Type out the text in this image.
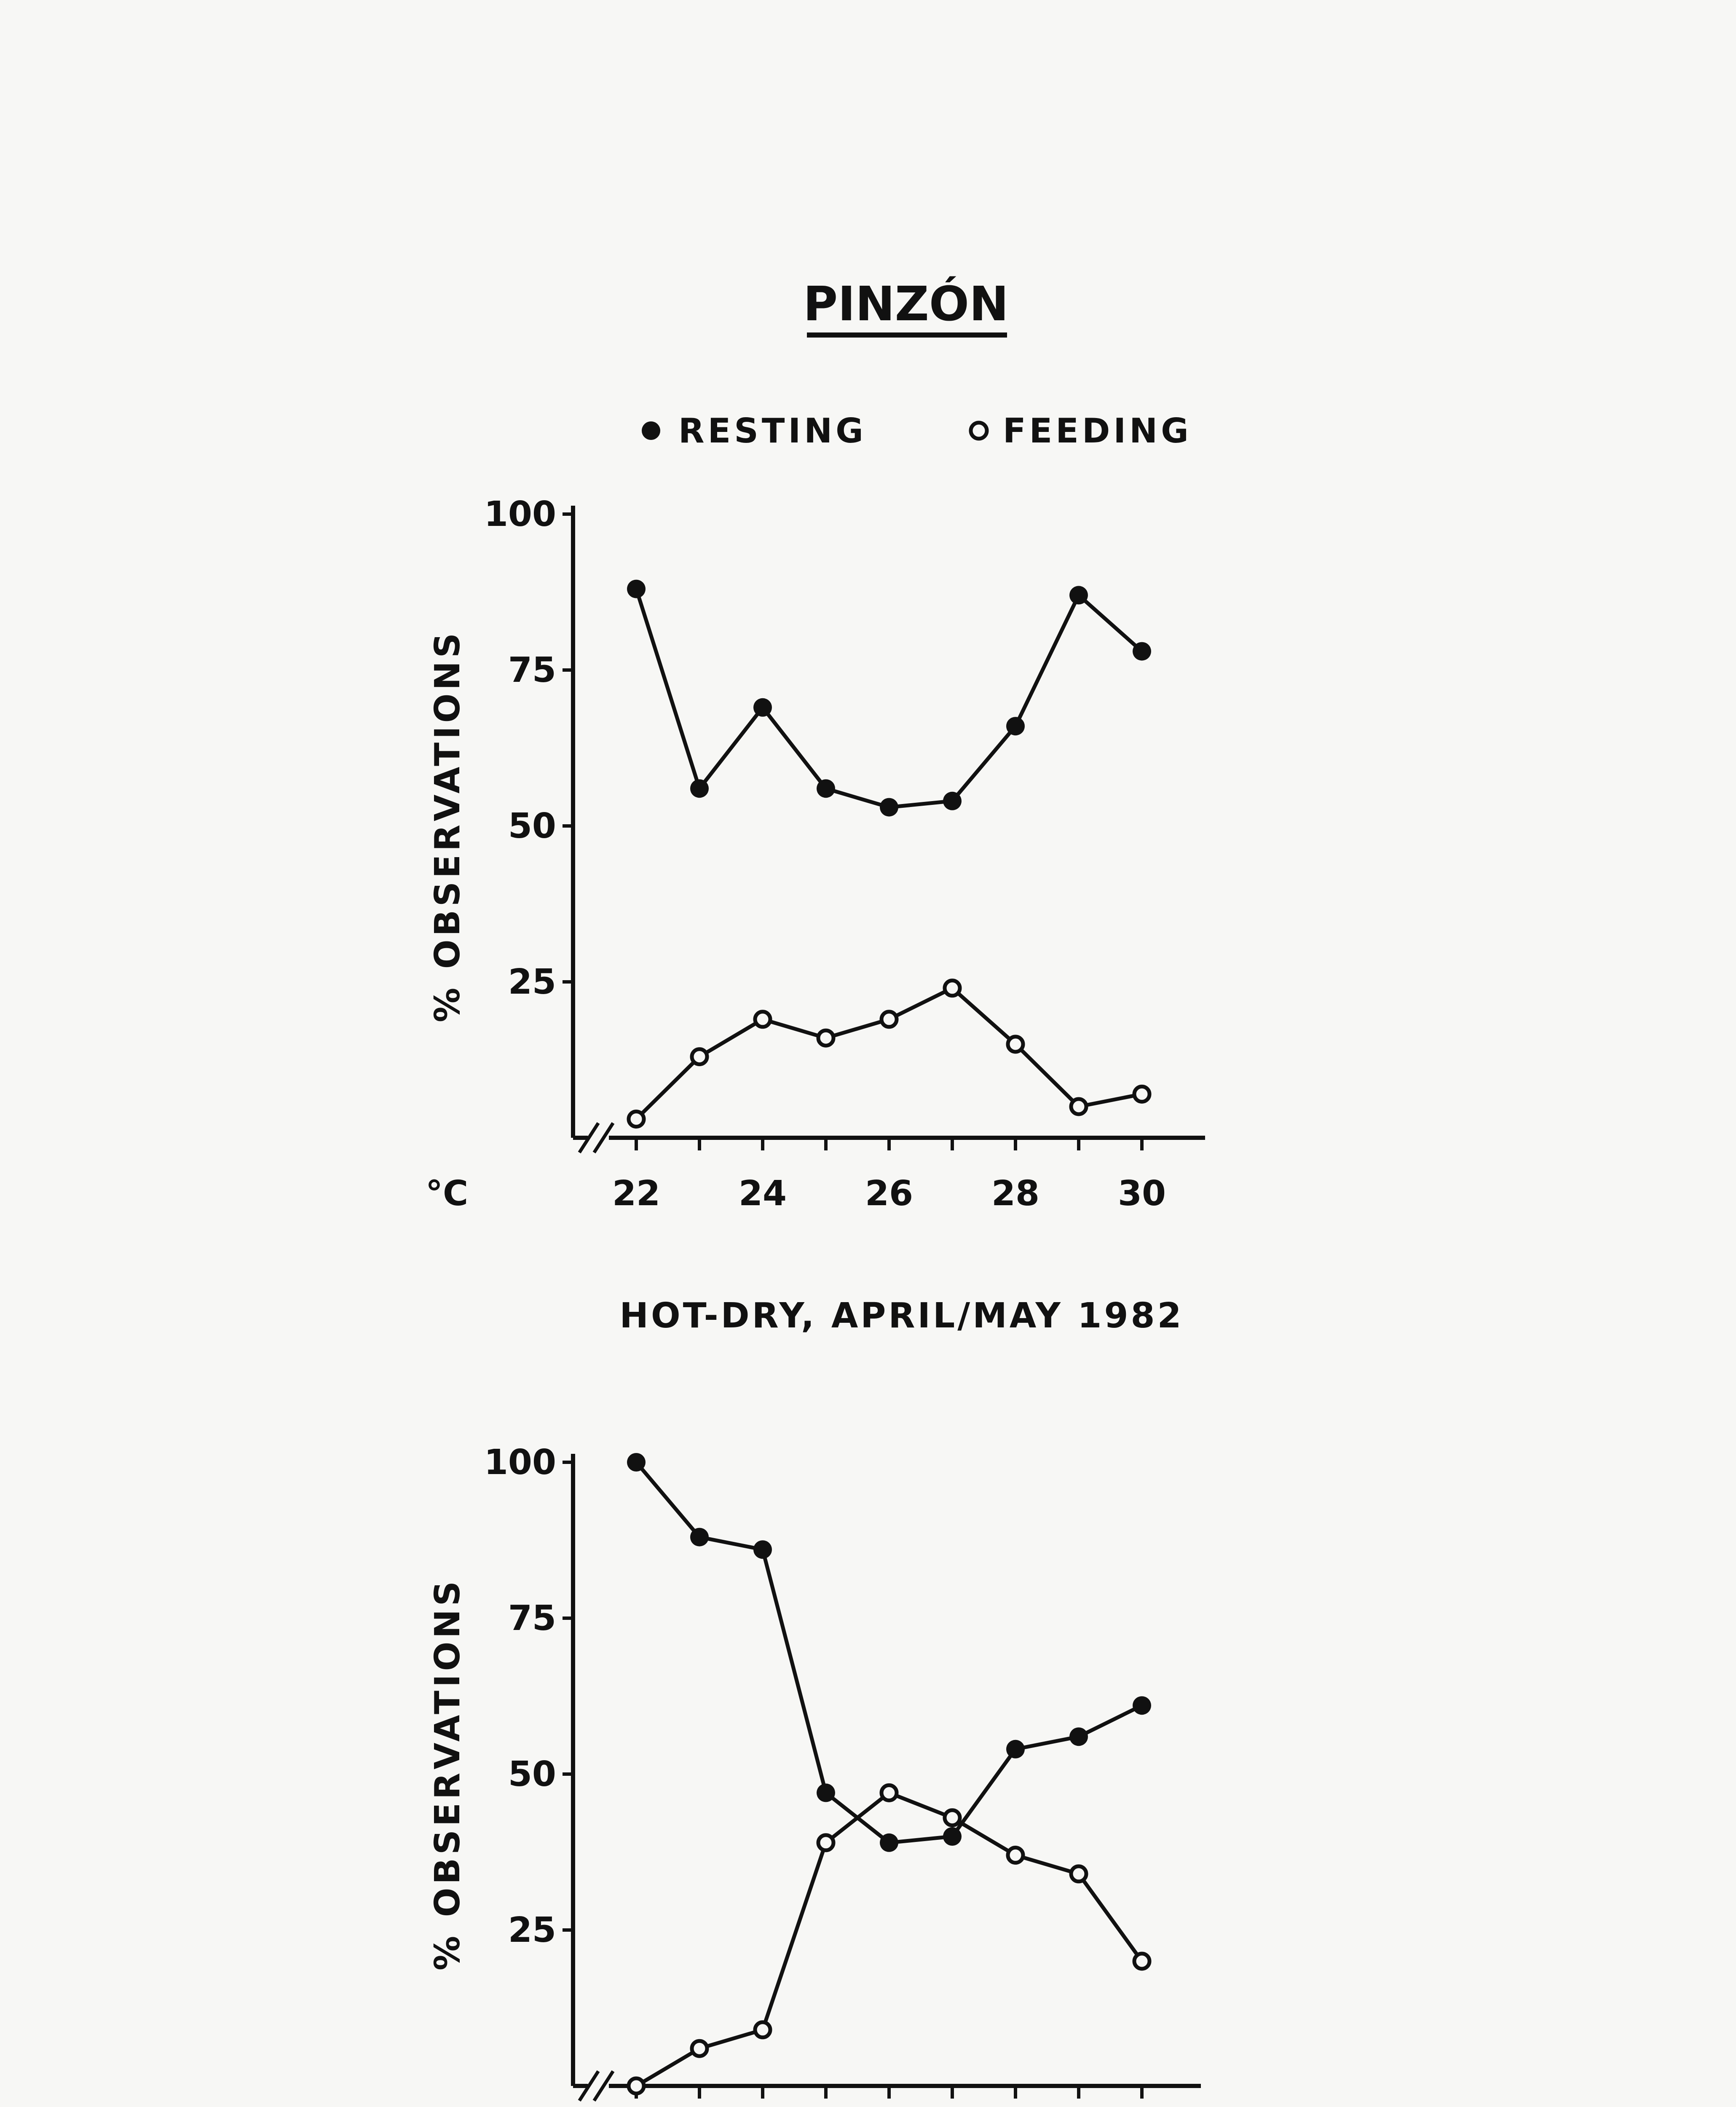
PINZÓN
RESTING	FEEDING
100
75
50
25
22 24 26 28 30
% OBSERVATIONS
°C
HOT-DRY, APRIL/MAY 1982
100
75
50
25
% OBSERVATIONS
